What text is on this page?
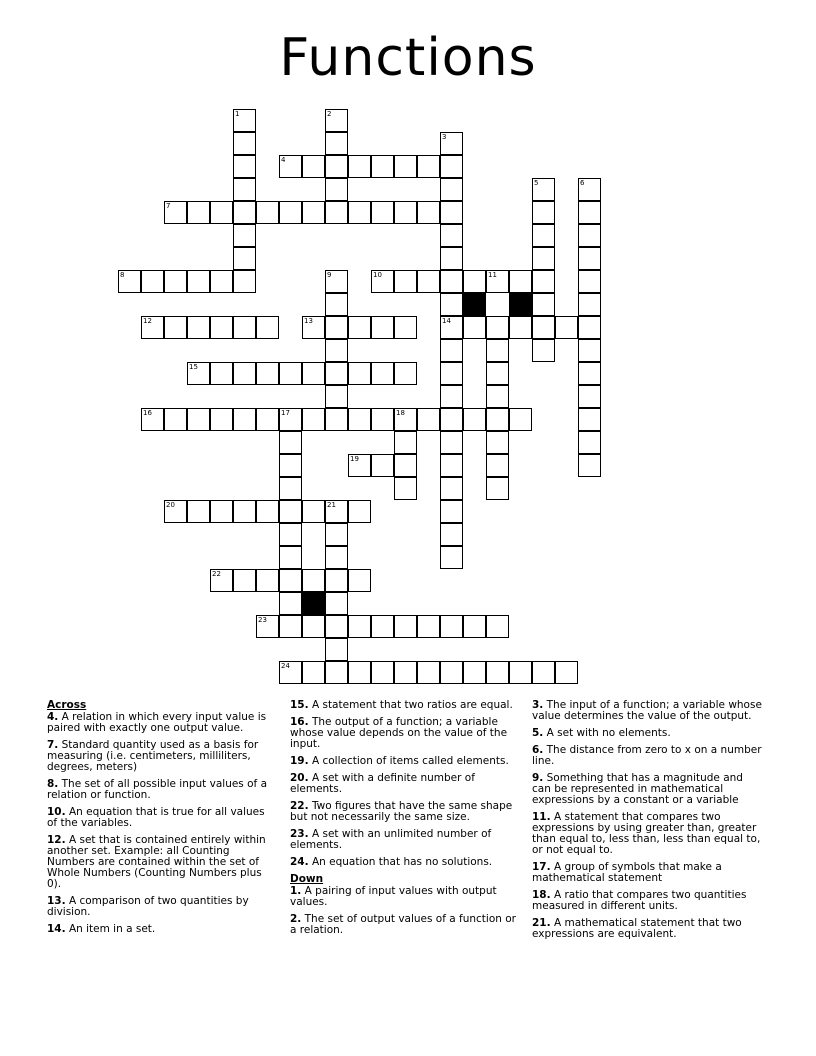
Functions
1	2
3
14
4
5	6
7
8	9	10	11
12	13
15
16	17	18
19
20	21
22
23
24
Across
4. A relation in which every input value is paired with exactly one output value.
7. Standard quantity used as a basis for measuring (i.e. centimeters, milliliters, degrees, meters)
8. The set of all possible input values of a relation or function.
10. An equation that is true for all values of the variables.
12. A set that is contained entirely within another set. Example: all Counting Numbers are contained within the set of Whole Numbers (Counting Numbers plus 0).
13. A comparison of two quantities by division.
14. An item in a set.
15. A statement that two ratios are equal.
16. The output of a function; a variable whose value depends on the value of the input.
19. A collection of items called elements.
20. A set with a definite number of elements.
22. Two figures that have the same shape but not necessarily the same size.
23. A set with an unlimited number of elements.
24. An equation that has no solutions.
Down
1. A pairing of input values with output values.
2. The set of output values of a function or a relation.
3. The input of a function; a variable whose value determines the value of the output.
5. A set with no elements.
6. The distance from zero to x on a number line.
9. Something that has a magnitude and can be represented in mathematical expressions by a constant or a variable
11. A statement that compares two expressions by using greater than, greater than equal to, less than, less than equal to, or not equal to.
17. A group of symbols that make a mathematical statement
18. A ratio that compares two quantities measured in different units.
21. A mathematical statement that two expressions are equivalent.
